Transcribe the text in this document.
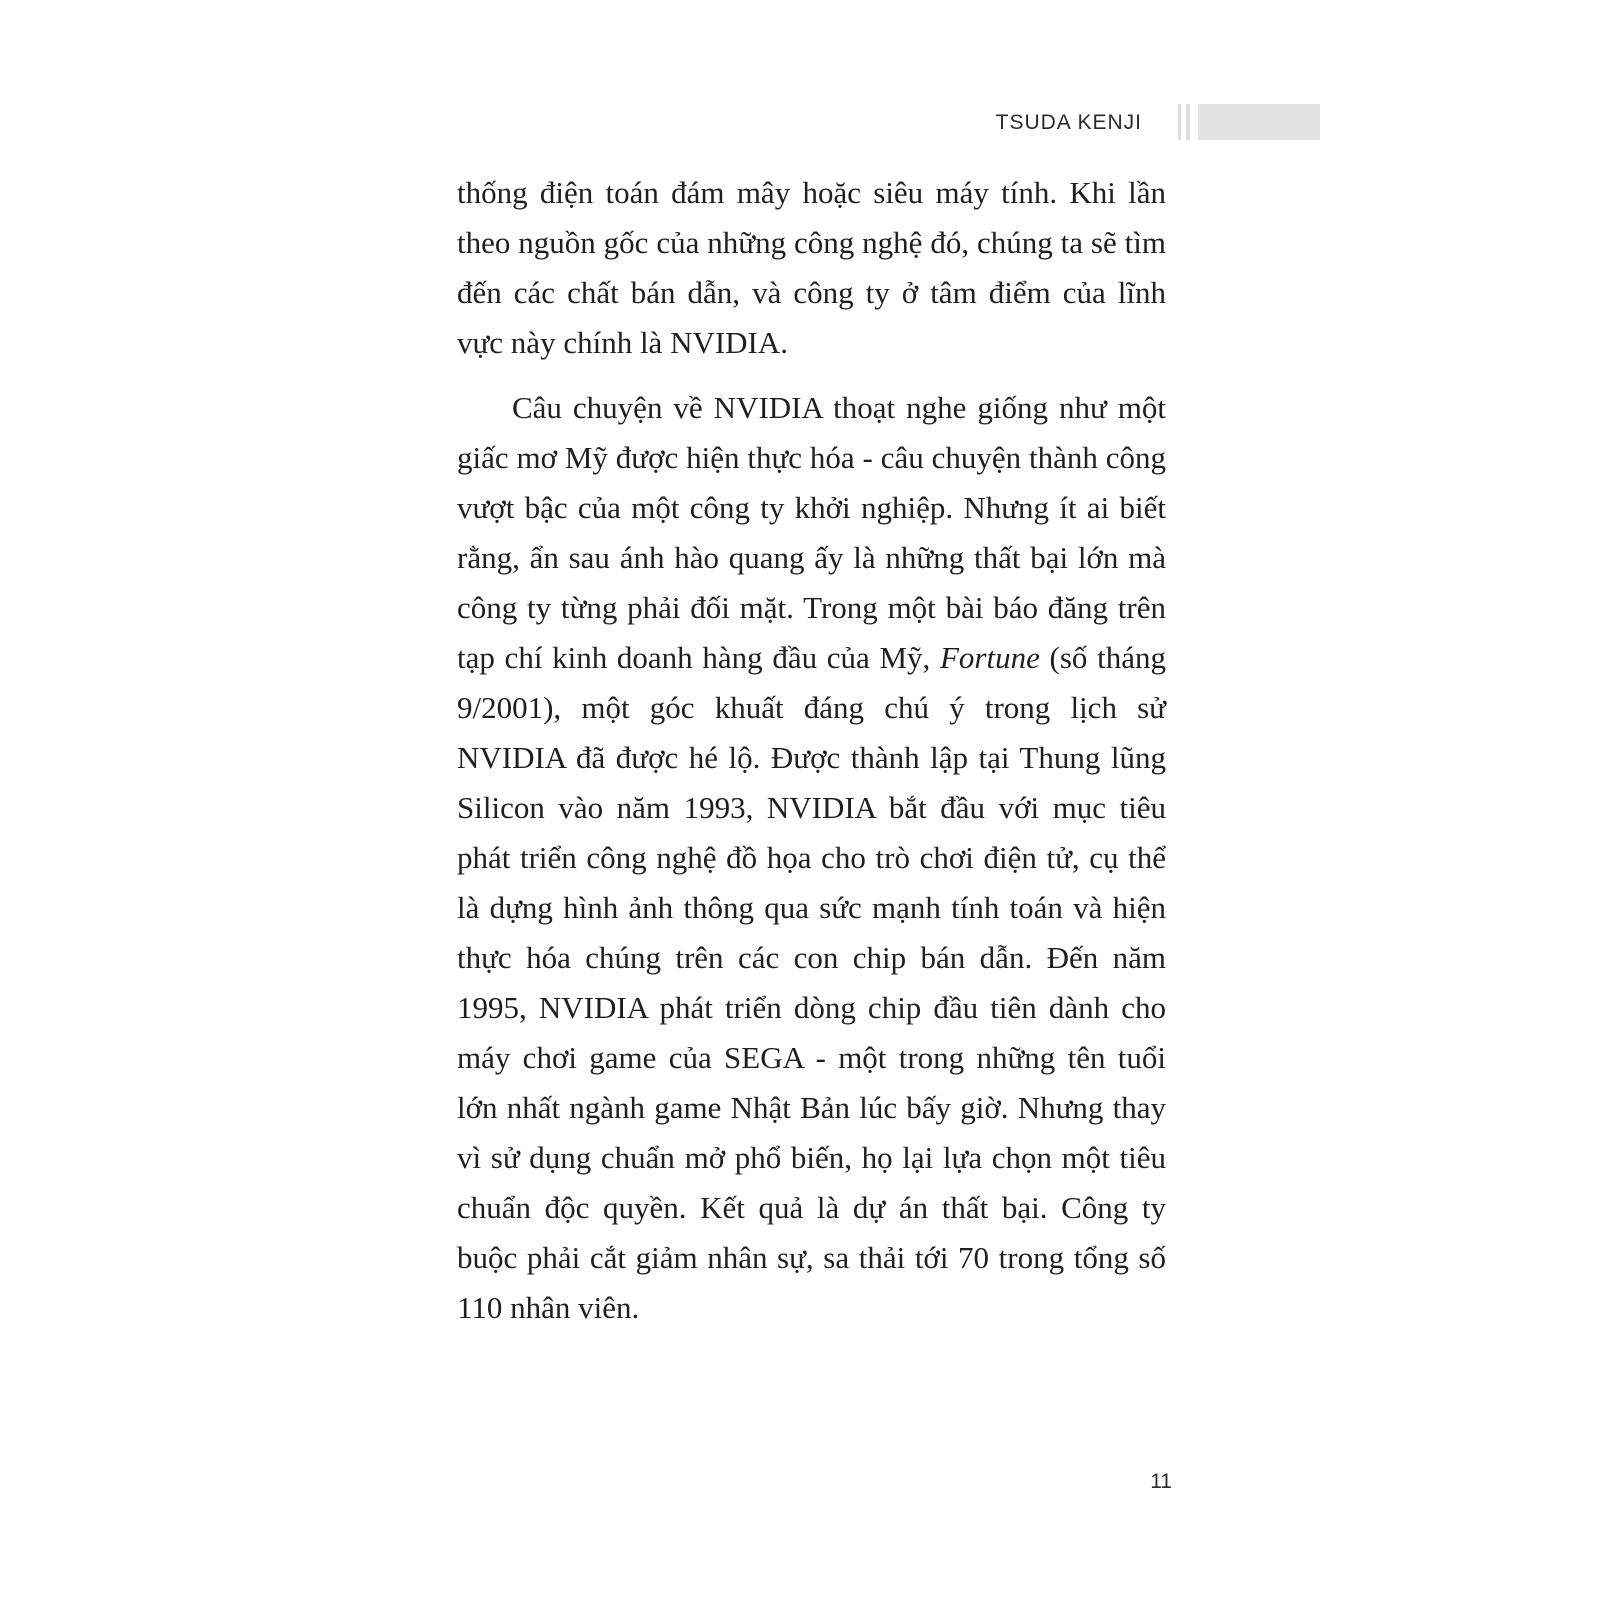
TSUDA KENJI

thống điện toán đám mây hoặc siêu máy tính. Khi lần theo nguồn gốc của những công nghệ đó, chúng ta sẽ tìm đến các chất bán dẫn, và công ty ở tâm điểm của lĩnh vực này chính là NVIDIA.

Câu chuyện về NVIDIA thoạt nghe giống như một giấc mơ Mỹ được hiện thực hóa - câu chuyện thành công vượt bậc của một công ty khởi nghiệp. Nhưng ít ai biết rằng, ẩn sau ánh hào quang ấy là những thất bại lớn mà công ty từng phải đối mặt. Trong một bài báo đăng trên tạp chí kinh doanh hàng đầu của Mỹ, Fortune (số tháng 9/2001), một góc khuất đáng chú ý trong lịch sử NVIDIA đã được hé lộ. Được thành lập tại Thung lũng Silicon vào năm 1993, NVIDIA bắt đầu với mục tiêu phát triển công nghệ đồ họa cho trò chơi điện tử, cụ thể là dựng hình ảnh thông qua sức mạnh tính toán và hiện thực hóa chúng trên các con chip bán dẫn. Đến năm 1995, NVIDIA phát triển dòng chip đầu tiên dành cho máy chơi game của SEGA - một trong những tên tuổi lớn nhất ngành game Nhật Bản lúc bấy giờ. Nhưng thay vì sử dụng chuẩn mở phổ biến, họ lại lựa chọn một tiêu chuẩn độc quyền. Kết quả là dự án thất bại. Công ty buộc phải cắt giảm nhân sự, sa thải tới 70 trong tổng số 110 nhân viên.

11
